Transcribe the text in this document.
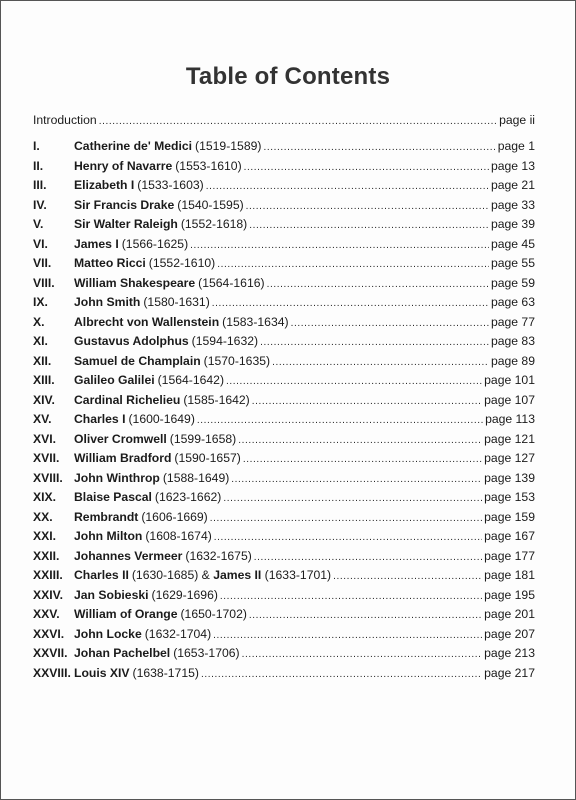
Table of Contents
Introduction .....	page ii
I.	Catherine de' Medici (1519-1589) .....	page 1
II.	Henry of Navarre (1553-1610) .....	page 13
III.	Elizabeth I (1533-1603) .....	page 21
IV.	Sir Francis Drake (1540-1595) .....	page 33
V.	Sir Walter Raleigh (1552-1618) .....	page 39
VI.	James I (1566-1625) .....	page 45
VII.	Matteo Ricci (1552-1610) .....	page 55
VIII.	William Shakespeare (1564-1616) .....	page 59
IX.	John Smith (1580-1631) .....	page 63
X.	Albrecht von Wallenstein (1583-1634) .....	page 77
XI.	Gustavus Adolphus (1594-1632) .....	page 83
XII.	Samuel de Champlain (1570-1635) .....	page 89
XIII.	Galileo Galilei (1564-1642) .....	page 101
XIV.	Cardinal Richelieu (1585-1642) .....	page 107
XV.	Charles I (1600-1649) .....	page 113
XVI.	Oliver Cromwell (1599-1658) .....	page 121
XVII.	William Bradford (1590-1657) .....	page 127
XVIII. John Winthrop (1588-1649) .....	page 139
XIX.	Blaise Pascal (1623-1662) .....	page 153
XX.	Rembrandt (1606-1669) .....	page 159
XXI.	John Milton (1608-1674) .....	page 167
XXII.	Johannes Vermeer (1632-1675) .....	page 177
XXIII. Charles II (1630-1685) & James II (1633-1701) .....	page 181
XXIV. Jan Sobieski (1629-1696) .....	page 195
XXV.	William of Orange (1650-1702) .....	page 201
XXVI. John Locke (1632-1704) .....	page 207
XXVII. Johan Pachelbel (1653-1706) .....	page 213
XXVIII. Louis XIV (1638-1715) .....	page 217
